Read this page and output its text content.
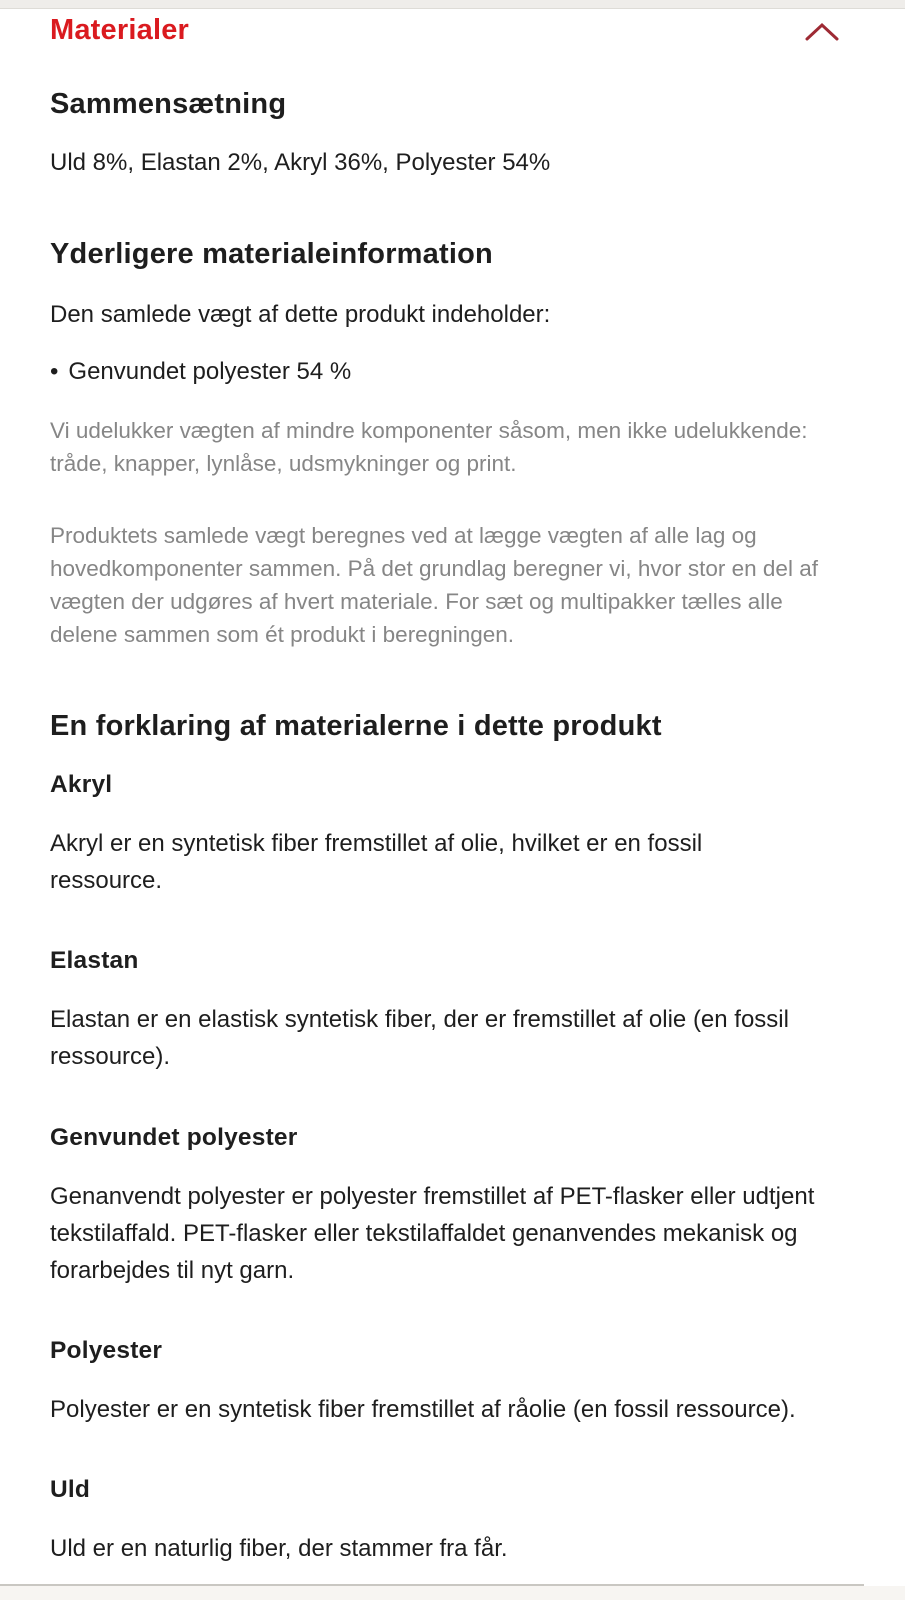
Materialer
Sammensætning

Uld 8%, Elastan 2%, Akryl 36%, Polyester 54%

Yderligere materialeinformation

Den samlede vægt af dette produkt indeholder:

• Genvundet polyester 54 %

Vi udelukker vægten af mindre komponenter såsom, men ikke udelukkende: tråde, knapper, lynlåse, udsmykninger og print.

Produktets samlede vægt beregnes ved at lægge vægten af alle lag og hovedkomponenter sammen. På det grundlag beregner vi, hvor stor en del af vægten der udgøres af hvert materiale. For sæt og multipakker tælles alle delene sammen som ét produkt i beregningen.

En forklaring af materialerne i dette produkt
Akryl

Akryl er en syntetisk fiber fremstillet af olie, hvilket er en fossil ressource.

Elastan

Elastan er en elastisk syntetisk fiber, der er fremstillet af olie (en fossil ressource).

Genvundet polyester

Genanvendt polyester er polyester fremstillet af PET-flasker eller udtjent tekstilaffald. PET-flasker eller tekstilaffaldet genanvendes mekanisk og forarbejdes til nyt garn.

Polyester

Polyester er en syntetisk fiber fremstillet af råolie (en fossil ressource).

Uld

Uld er en naturlig fiber, der stammer fra får.
